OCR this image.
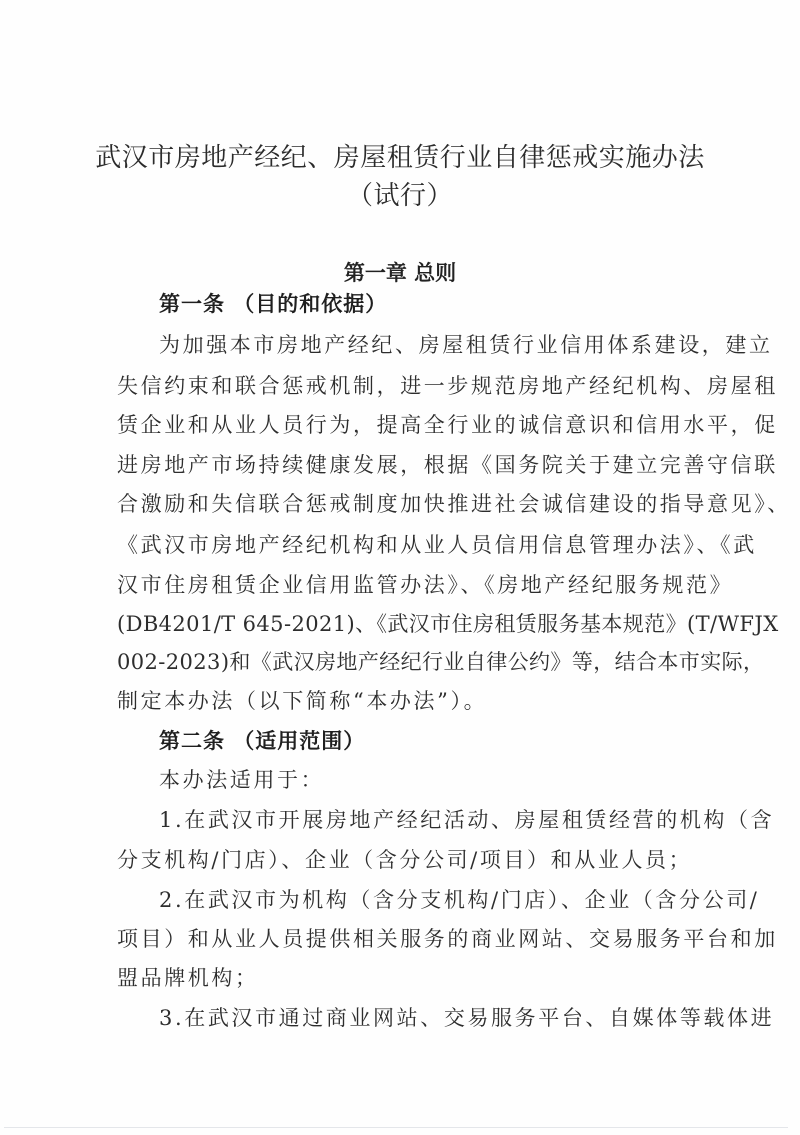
武汉市房地产经纪、房屋租赁行业自律惩戒实施办法
（试行）
第一章 总则
第一条 （目的和依据）
为加强本市房地产经纪、房屋租赁行业信用体系建设，建立
失信约束和联合惩戒机制，进一步规范房地产经纪机构、房屋租
赁企业和从业人员行为，提高全行业的诚信意识和信用水平，促
进房地产市场持续健康发展，根据《国务院关于建立完善守信联
合激励和失信联合惩戒制度加快推进社会诚信建设的指导意见》、
《武汉市房地产经纪机构和从业人员信用信息管理办法》、《武
汉市住房租赁企业信用监管办法》、《房地产经纪服务规范》
(DB4201/T 645-2021)、《武汉市住房租赁服务基本规范》(T/WFJX
002-2023)和《武汉房地产经纪行业自律公约》等，结合本市实际，
制定本办法（以下简称“本办法”）。
第二条 （适用范围）
本办法适用于：
1.在武汉市开展房地产经纪活动、房屋租赁经营的机构（含
分支机构/门店）、企业（含分公司/项目）和从业人员；
2.在武汉市为机构（含分支机构/门店）、企业（含分公司/
项目）和从业人员提供相关服务的商业网站、交易服务平台和加
盟品牌机构；
3.在武汉市通过商业网站、交易服务平台、自媒体等载体进
